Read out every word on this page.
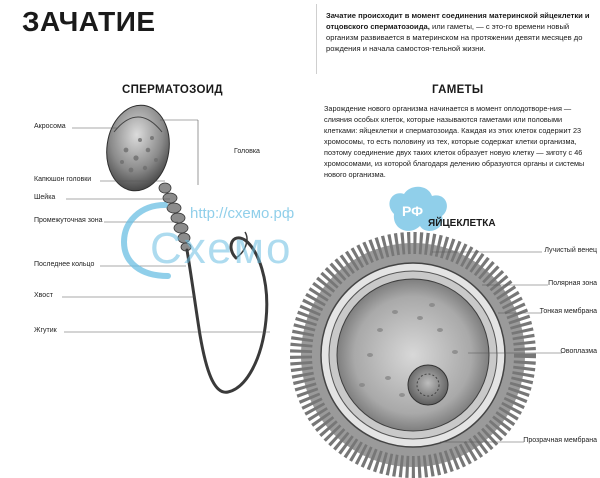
ЗАЧАТИЕ	Зачатие происходит в момент соединения материнской яйцеклетки и отцовского сперматозоида, или гаметы, — с это-го времени новый организм развивается в материнском на протяжении девяти месяцев до рождения и начала самостоя-тельной жизни.
СПЕРМАТОЗОИД
Акросома
Головка
Капюшон головки
Шейка
Промежуточная зона
Последнее кольцо
Хвост
Жгутик
ГАМЕТЫ
Зарождение нового организма начинается в момент оплодотворе-ния — слияния особых клеток, которые называются гаметами или половыми клетками: яйцеклетки и сперматозоида. Каждая из этих клеток содержит 23 хромосомы, то есть половину из тех, которые содержат клетки организма, поэтому соединение двух таких клеток образует новую клетку — зиготу с 46 хромосомами, из которой благодаря делению образуются органы и системы нового организма.
ЯЙЦЕКЛЕТКА
Лучистый венец
Полярная зона
Тонкая мембрана
Овоплазма
Прозрачная мембрана
http://схемо.рф
Схемо
РФ
